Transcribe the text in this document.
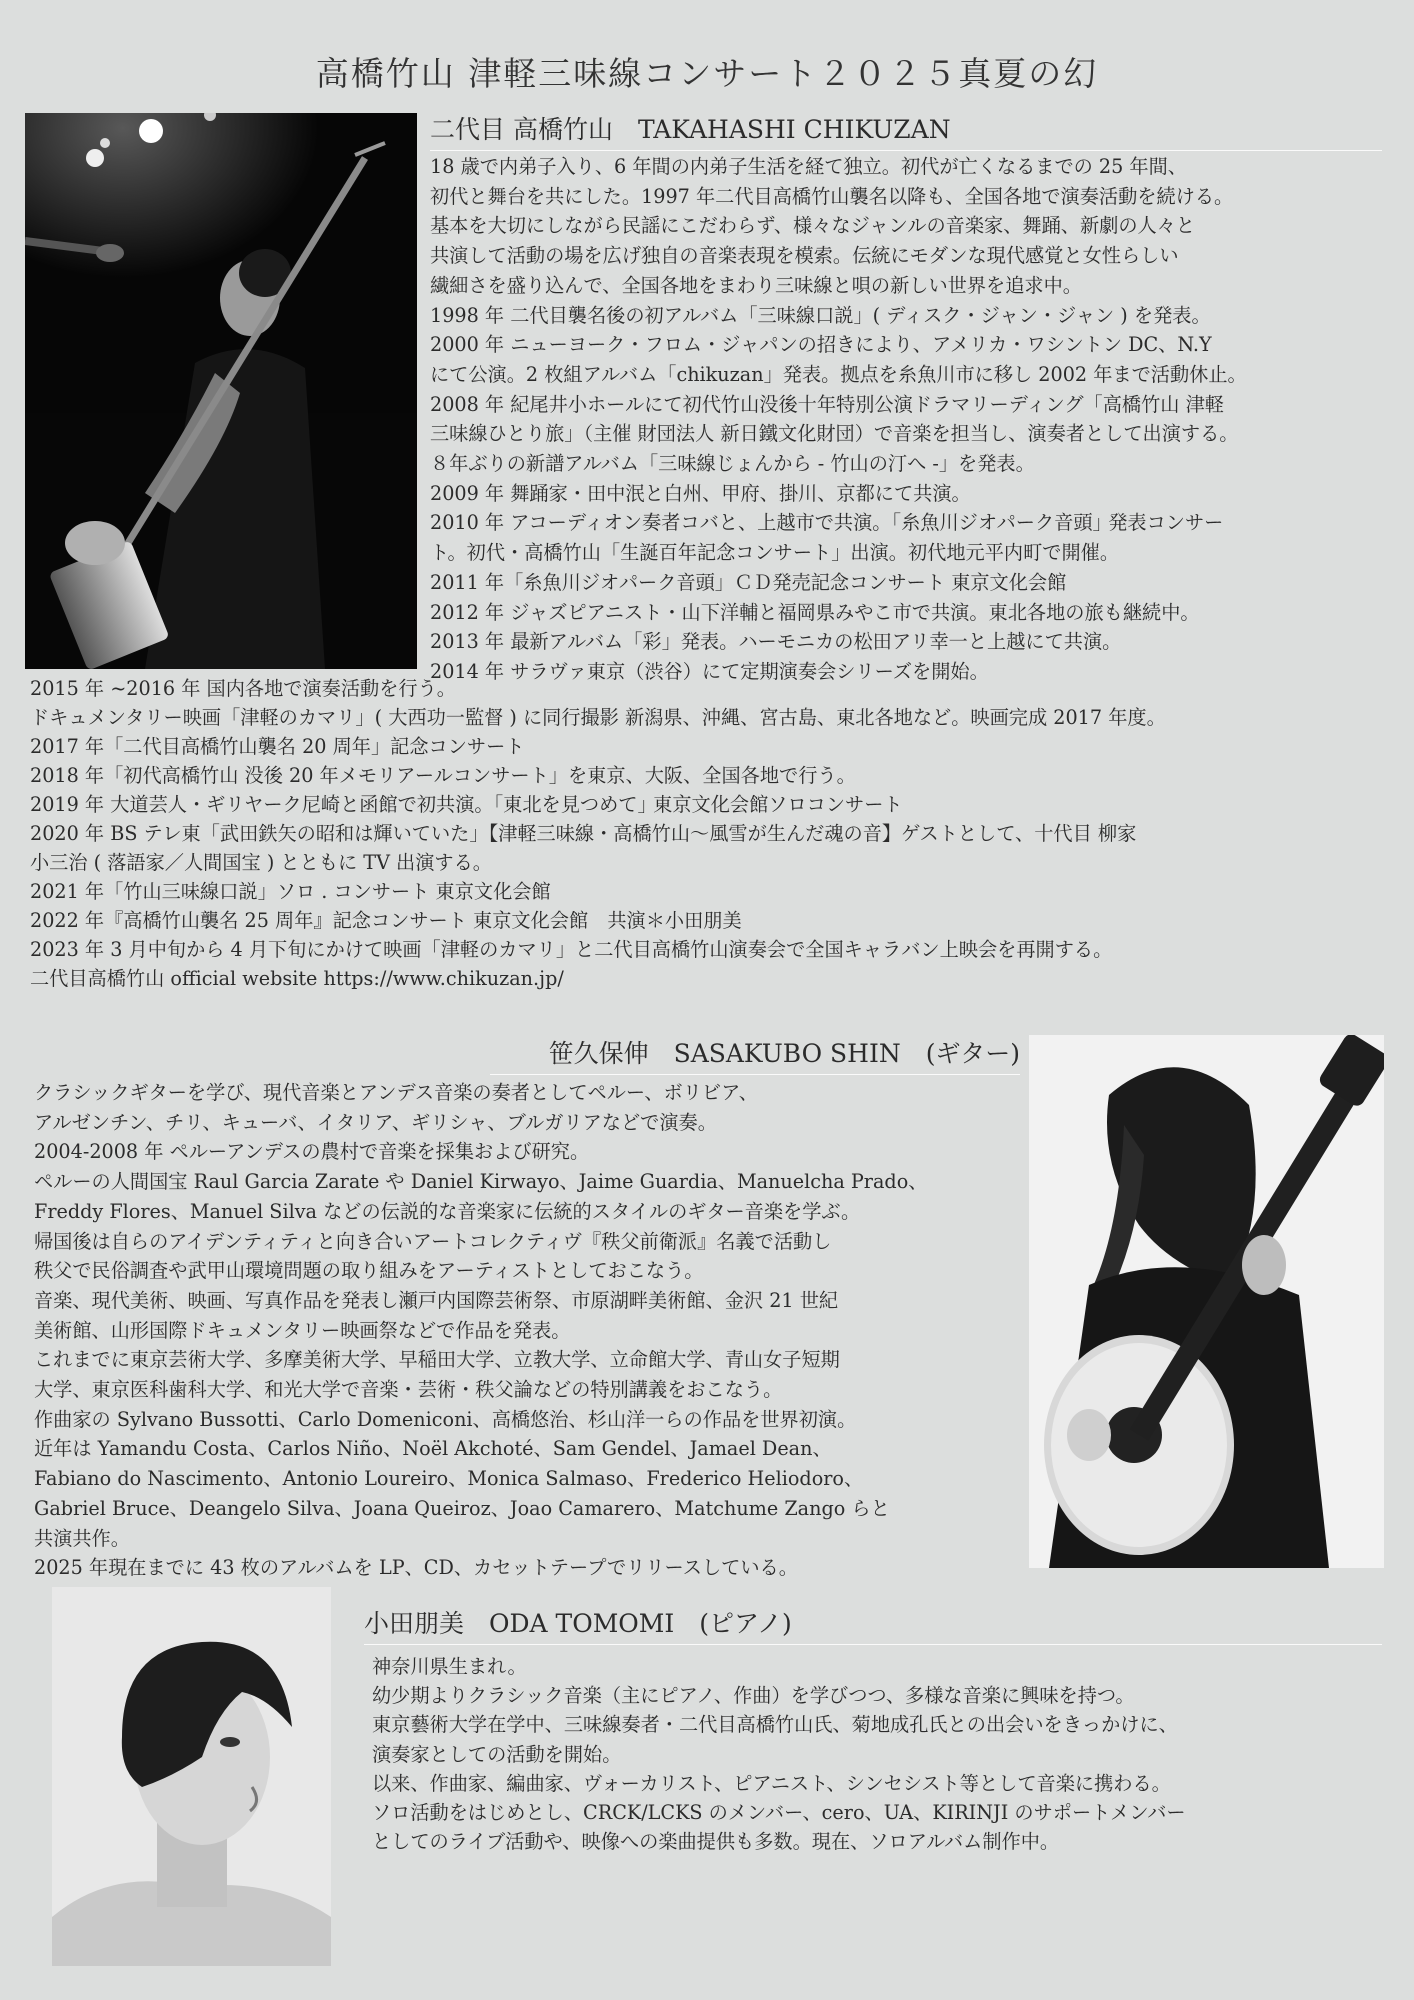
高橋竹山 津軽三味線コンサート２０２５真夏の幻
二代目 高橋竹山　TAKAHASHI CHIKUZAN
18 歳で内弟子入り、6 年間の内弟子生活を経て独立。初代が亡くなるまでの 25 年間、
初代と舞台を共にした。1997 年二代目高橋竹山襲名以降も、全国各地で演奏活動を続ける。
基本を大切にしながら民謡にこだわらず、様々なジャンルの音楽家、舞踊、新劇の人々と
共演して活動の場を広げ独自の音楽表現を模索。伝統にモダンな現代感覚と女性らしい
繊細さを盛り込んで、全国各地をまわり三味線と唄の新しい世界を追求中。
1998 年 二代目襲名後の初アルバム「三味線口説」( ディスク・ジャン・ジャン ) を発表。
2000 年 ニューヨーク・フロム・ジャパンの招きにより、アメリカ・ワシントン DC、N.Y
にて公演。2 枚組アルバム「chikuzan」発表。拠点を糸魚川市に移し 2002 年まで活動休止。
2008 年 紀尾井小ホールにて初代竹山没後十年特別公演ドラマリーディング「高橋竹山 津軽
三味線ひとり旅」（主催 財団法人 新日鐵文化財団）で音楽を担当し、演奏者として出演する。
８年ぶりの新譜アルバム「三味線じょんから - 竹山の汀へ -」を発表。
2009 年 舞踊家・田中泯と白州、甲府、掛川、京都にて共演。
2010 年 アコーディオン奏者コバと、上越市で共演。｢糸魚川ジオパーク音頭｣ 発表コンサー
ト。初代・高橋竹山「生誕百年記念コンサート」出演。初代地元平内町で開催。
2011 年「糸魚川ジオパーク音頭」ＣＤ発売記念コンサート 東京文化会館
2012 年 ジャズピアニスト・山下洋輔と福岡県みやこ市で共演。東北各地の旅も継続中。
2013 年 最新アルバム「彩」発表。ハーモニカの松田アリ幸一と上越にて共演。
2014 年 サラヴァ東京（渋谷）にて定期演奏会シリーズを開始。
2015 年 ~2016 年 国内各地で演奏活動を行う。
ドキュメンタリー映画「津軽のカマリ」( 大西功一監督 ) に同行撮影 新潟県、沖縄、宮古島、東北各地など。映画完成 2017 年度。
2017 年「二代目高橋竹山襲名 20 周年」記念コンサート
2018 年「初代高橋竹山 没後 20 年メモリアールコンサート」を東京、大阪、全国各地で行う。
2019 年 大道芸人・ギリヤーク尼崎と函館で初共演。｢東北を見つめて｣ 東京文化会館ソロコンサート
2020 年 BS テレ東「武田鉄矢の昭和は輝いていた」【津軽三味線・高橋竹山〜風雪が生んだ魂の音】ゲストとして、十代目 柳家
小三治 ( 落語家／人間国宝 ) とともに TV 出演する。
2021 年「竹山三味線口説」ソロ . コンサート 東京文化会館
2022 年『高橋竹山襲名 25 周年』記念コンサート 東京文化会館　共演＊小田朋美
2023 年 3 月中旬から 4 月下旬にかけて映画「津軽のカマリ」と二代目高橋竹山演奏会で全国キャラバン上映会を再開する。
二代目高橋竹山 official website https://www.chikuzan.jp/
笹久保伸　SASAKUBO SHIN　(ギター)
クラシックギターを学び、現代音楽とアンデス音楽の奏者としてペルー、ボリビア、
アルゼンチン、チリ、キューバ、イタリア、ギリシャ、ブルガリアなどで演奏。
2004-2008 年 ペルーアンデスの農村で音楽を採集および研究。
ペルーの人間国宝 Raul Garcia Zarate や Daniel Kirwayo、Jaime Guardia、Manuelcha Prado、
Freddy Flores、Manuel Silva などの伝説的な音楽家に伝統的スタイルのギター音楽を学ぶ。
帰国後は自らのアイデンティティと向き合いアートコレクティヴ『秩父前衛派』名義で活動し
秩父で民俗調査や武甲山環境問題の取り組みをアーティストとしておこなう。
音楽、現代美術、映画、写真作品を発表し瀬戸内国際芸術祭、市原湖畔美術館、金沢 21 世紀
美術館、山形国際ドキュメンタリー映画祭などで作品を発表。
これまでに東京芸術大学、多摩美術大学、早稲田大学、立教大学、立命館大学、青山女子短期
大学、東京医科歯科大学、和光大学で音楽・芸術・秩父論などの特別講義をおこなう。
作曲家の Sylvano Bussotti、Carlo Domeniconi、高橋悠治、杉山洋一らの作品を世界初演。
近年は Yamandu Costa、Carlos Niño、Noël Akchoté、Sam Gendel、Jamael Dean、
Fabiano do Nascimento、Antonio Loureiro、Monica Salmaso、Frederico Heliodoro、
Gabriel Bruce、Deangelo Silva、Joana Queiroz、Joao Camarero、Matchume Zango らと
共演共作。
2025 年現在までに 43 枚のアルバムを LP、CD、カセットテープでリリースしている。
小田朋美　ODA TOMOMI　(ピアノ)
神奈川県生まれ。
幼少期よりクラシック音楽（主にピアノ、作曲）を学びつつ、多様な音楽に興味を持つ。
東京藝術大学在学中、三味線奏者・二代目高橋竹山氏、菊地成孔氏との出会いをきっかけに、
演奏家としての活動を開始。
以来、作曲家、編曲家、ヴォーカリスト、ピアニスト、シンセシスト等として音楽に携わる。
ソロ活動をはじめとし、CRCK/LCKS のメンバー、cero、UA、KIRINJI のサポートメンバー
としてのライブ活動や、映像への楽曲提供も多数。現在、ソロアルバム制作中。
